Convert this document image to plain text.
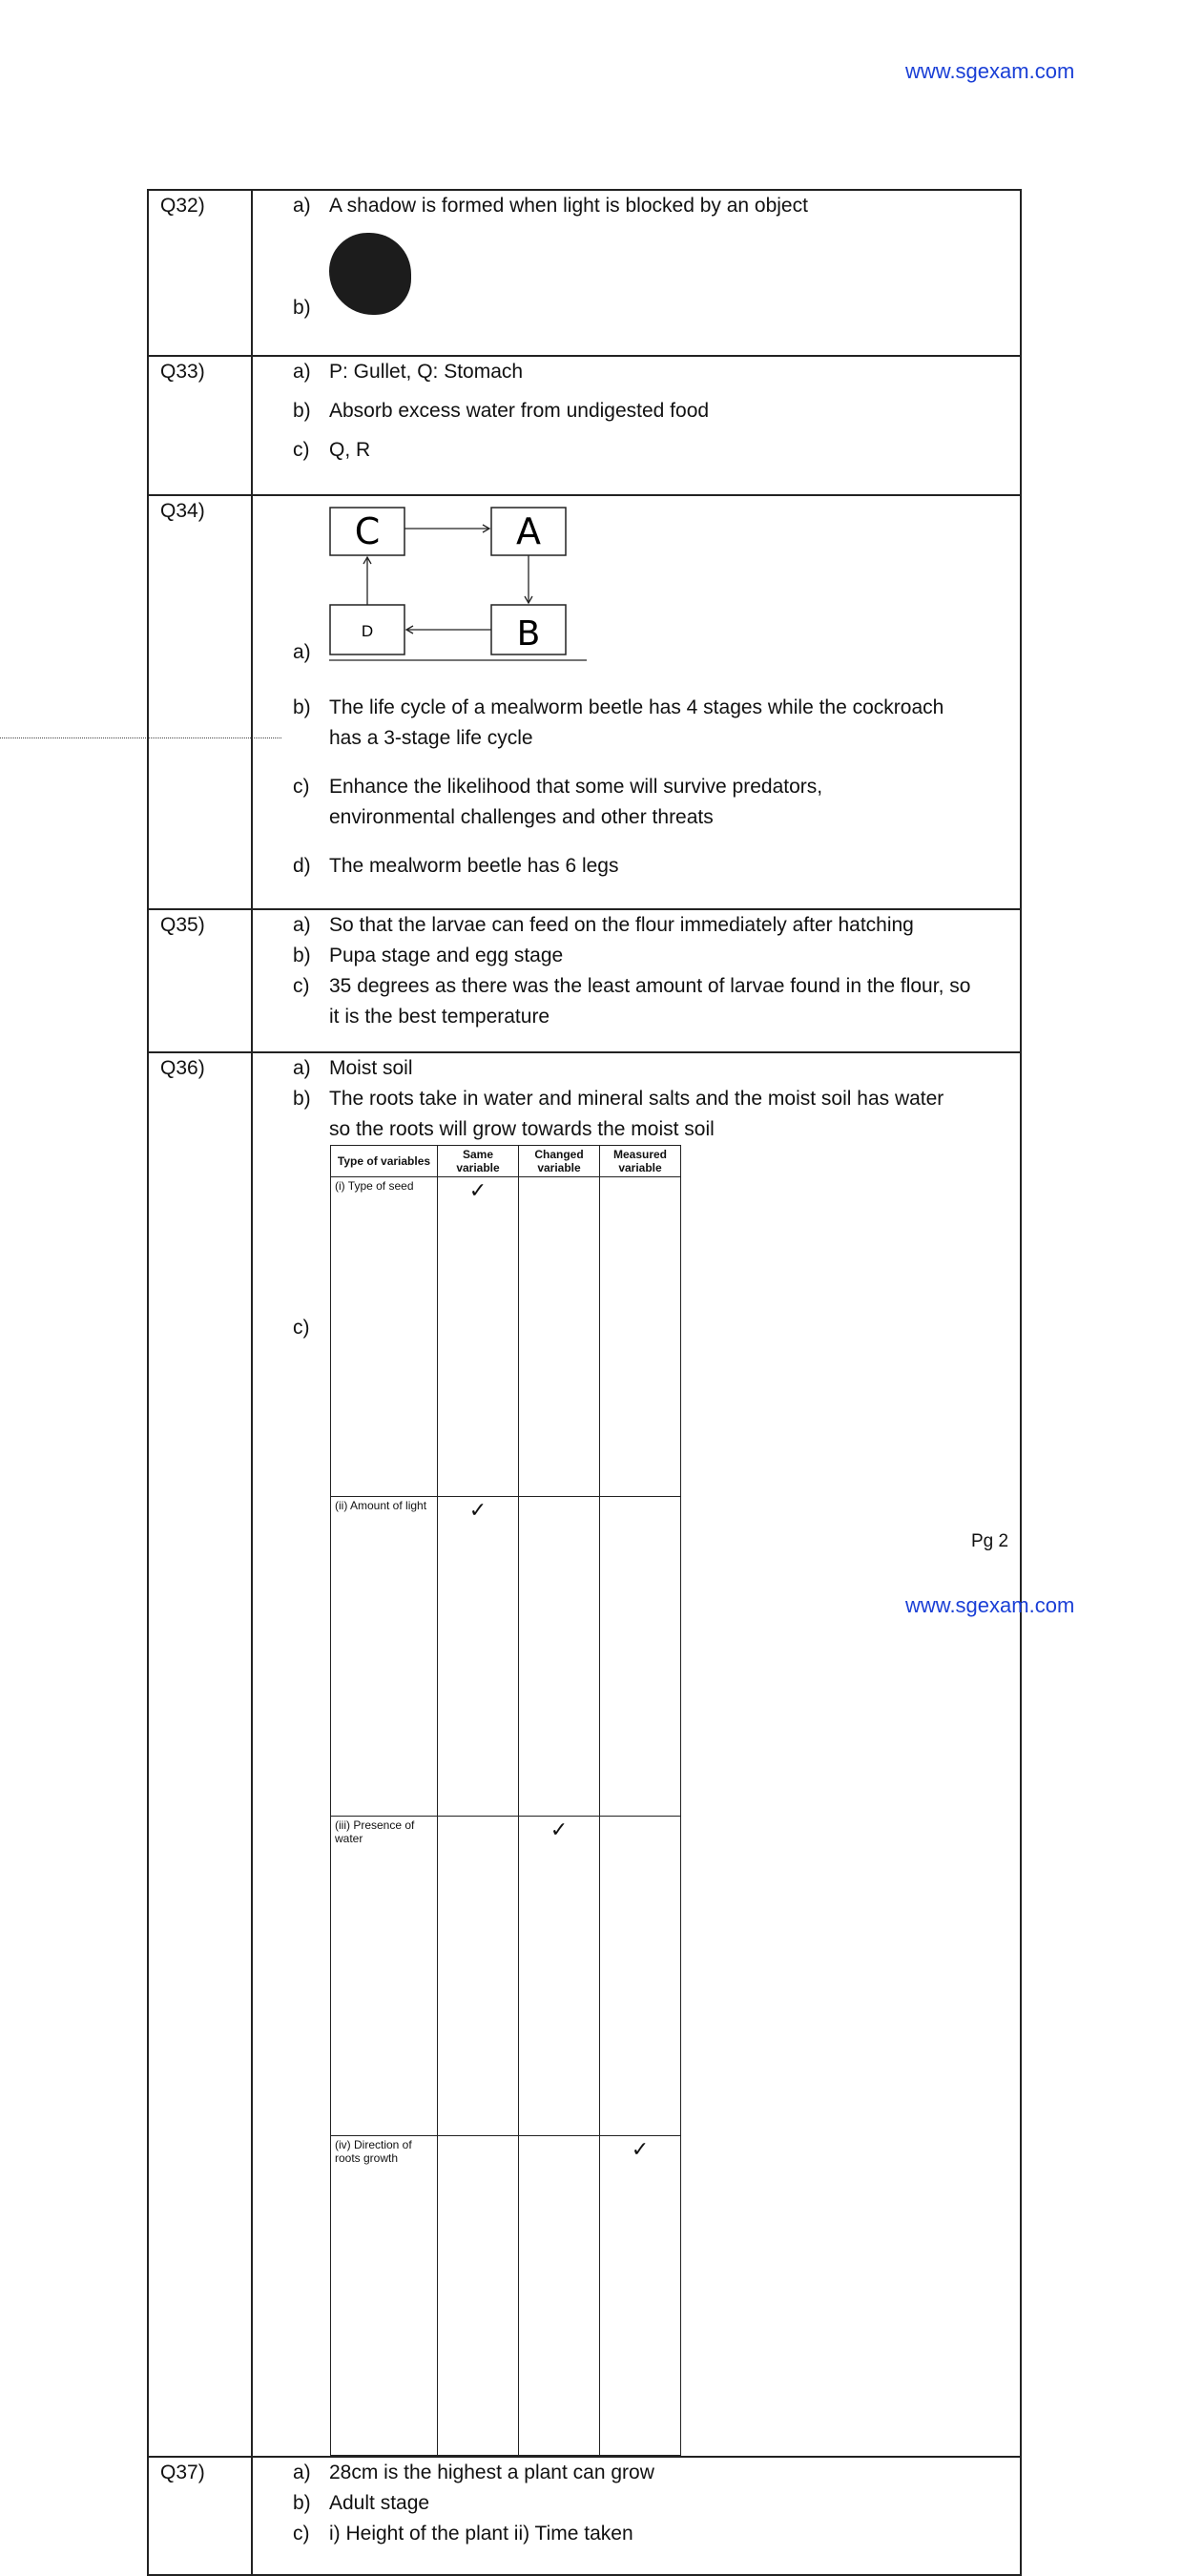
www.sgexam.com
Q32)	a) A shadow is formed when light is blocked by an object
b)

Q33)	a) P: Gullet, Q: Stomach
b) Absorb excess water from undigested food
c) Q, R

Q34)	C	A
D	B
a)
b) The life cycle of a mealworm beetle has 4 stages while the cockroach has a 3-stage life cycle
c) Enhance the likelihood that some will survive predators, environmental challenges and other threats
d) The mealworm beetle has 6 legs

Q35)	a) So that the larvae can feed on the flour immediately after hatching
b) Pupa stage and egg stage
c) 35 degrees as there was the least amount of larvae found in the flour, so it is the best temperature

Q36)	a) Moist soil
b) The roots take in water and mineral salts and the moist soil has water so the roots will grow towards the moist soil
Type of variables	Same variable	Changed variable	Measured variable
(i) Type of seed	✓		
(ii) Amount of light	✓		
(iii) Presence of water		✓	
(iv) Direction of roots growth			✓
c)

Q37)	a) 28cm is the highest a plant can grow
b) Adult stage
c) i) Height of the plant ii) Time taken
Pg 2
www.sgexam.com
